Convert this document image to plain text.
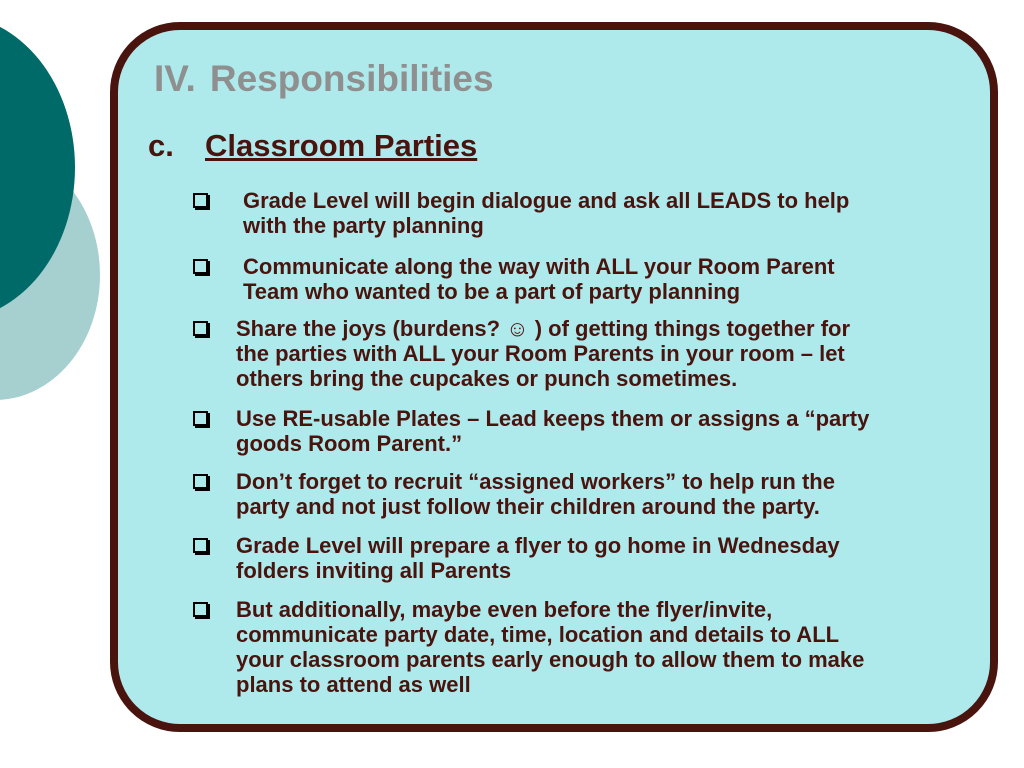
IV. Responsibilities
c. Classroom Parties
Grade Level will begin dialogue and ask all LEADS to help
with the party planning
Communicate along the way with ALL your Room Parent
Team who wanted to be a part of party planning
Share the joys (burdens? ☺ ) of getting things together for
the parties with ALL your Room Parents in your room – let
others bring the cupcakes or punch sometimes.
Use RE-usable Plates – Lead keeps them or assigns a “party
goods Room Parent.”
Don’t forget to recruit “assigned workers” to help run the
party and not just follow their children around the party.
Grade Level will prepare a flyer to go home in Wednesday
folders inviting all Parents
But additionally, maybe even before the flyer/invite,
communicate party date, time, location and details to ALL
your classroom parents early enough to allow them to make
plans to attend as well
